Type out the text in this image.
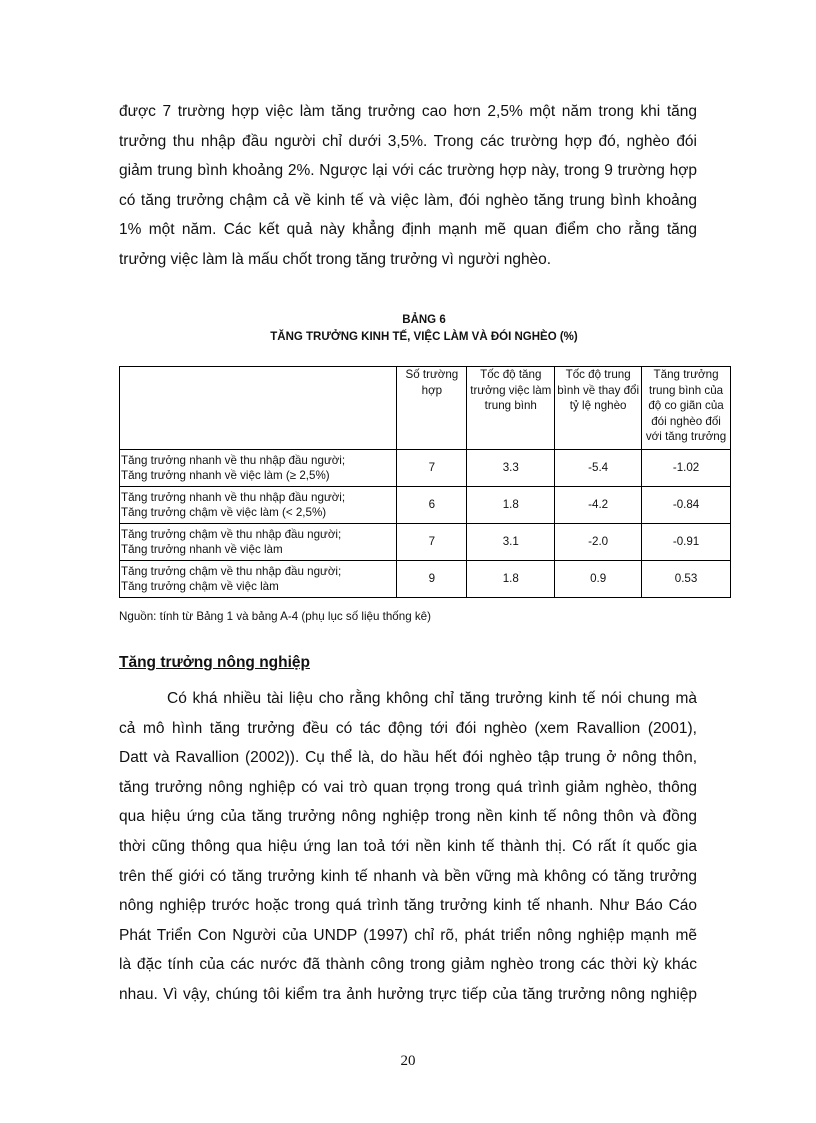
được 7 trường hợp việc làm tăng trưởng cao hơn 2,5% một năm trong khi tăng
trưởng thu nhập đầu người chỉ dưới 3,5%. Trong các trường hợp đó, nghèo đói
giảm trung bình khoảng 2%. Ngược lại với các trường hợp này, trong 9 trường hợp
có tăng trưởng chậm cả về kinh tế và việc làm, đói nghèo tăng trung bình khoảng
1% một năm. Các kết quả này khẳng định mạnh mẽ quan điểm cho rằng tăng
trưởng việc làm là mấu chốt trong tăng trưởng vì người nghèo.
BẢNG 6
TĂNG TRƯỞNG KINH TẾ, VIỆC LÀM VÀ ĐÓI NGHÈO (%)
	Số trường hợp	Tốc độ tăng trưởng việc làm trung bình	Tốc độ trung bình về thay đổi tỷ lệ nghèo	Tăng trưởng trung bình của độ co giãn của đói nghèo đối với tăng trưởng

Tăng trưởng nhanh về thu nhập đầu người;
Tăng trưởng nhanh về việc làm (≥ 2,5%)	7	3.3	-5.4	-1.02

Tăng trưởng nhanh về thu nhập đầu người;
Tăng trưởng chậm về việc làm (< 2,5%)	6	1.8	-4.2	-0.84

Tăng trưởng chậm về thu nhập đầu người;
Tăng trưởng nhanh về việc làm	7	3.1	-2.0	-0.91

Tăng trưởng chậm về thu nhập đầu người;
Tăng trưởng chậm về việc làm	9	1.8	0.9	0.53
Nguồn: tính từ Bảng 1 và bảng A-4 (phụ lục số liệu thống kê)
Tăng trưởng nông nghiệp
Có khá nhiều tài liệu cho rằng không chỉ tăng trưởng kinh tế nói chung mà
cả mô hình tăng trưởng đều có tác động tới đói nghèo (xem Ravallion (2001),
Datt và Ravallion (2002)). Cụ thể là, do hầu hết đói nghèo tập trung ở nông thôn,
tăng trưởng nông nghiệp có vai trò quan trọng trong quá trình giảm nghèo, thông
qua hiệu ứng của tăng trưởng nông nghiệp trong nền kinh tế nông thôn và đồng
thời cũng thông qua hiệu ứng lan toả tới nền kinh tế thành thị. Có rất ít quốc gia
trên thế giới có tăng trưởng kinh tế nhanh và bền vững mà không có tăng trưởng
nông nghiệp trước hoặc trong quá trình tăng trưởng kinh tế nhanh. Như Báo Cáo
Phát Triển Con Người của UNDP (1997) chỉ rõ, phát triển nông nghiệp mạnh mẽ
là đặc tính của các nước đã thành công trong giảm nghèo trong các thời kỳ khác
nhau. Vì vậy, chúng tôi kiểm tra ảnh hưởng trực tiếp của tăng trưởng nông nghiệp
20
